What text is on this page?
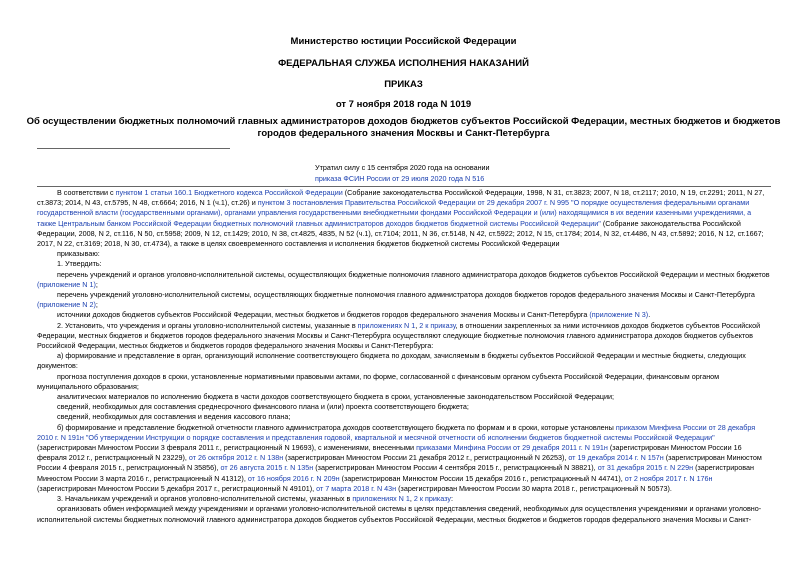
Министерство юстиции Российской Федерации
ФЕДЕРАЛЬНАЯ СЛУЖБА ИСПОЛНЕНИЯ НАКАЗАНИЙ
ПРИКАЗ
от 7 ноября 2018 года N 1019
Об осуществлении бюджетных полномочий главных администраторов доходов бюджетов субъектов Российской Федерации, местных бюджетов и бюджетов
городов федерального значения Москвы и Санкт-Петербурга
Утратил силу с 15 сентября 2020 года на основании
приказа ФСИН России от 29 июля 2020 года N 516

В соответствии с пунктом 1 статьи 160.1 Бюджетного кодекса Российской Федерации (Собрание законодательства Российской Федерации, 1998, N 31, ст.3823; 2007, N 18, ст.2117; 2010, N 19, ст.2291; 2011, N 27, ст.3873; 2014, N 43, ст.5795, N 48, ст.6664; 2016, N 1 (ч.1), ст.26) и пунктом 3 постановления Правительства Российской Федерации от 29 декабря 2007 г. N 995 "О порядке осуществления федеральными органами государственной власти (государственными органами), органами управления государственными внебюджетными фондами Российской Федерации и (или) находящимися в их ведении казенными учреждениями, а также Центральным банком Российской Федерации бюджетных полномочий главных администраторов доходов бюджетов бюджетной системы Российской Федерации" (Собрание законодательства Российской Федерации, 2008, N 2, ст.116, N 50, ст.5958; 2009, N 12, ст.1429; 2010, N 38, ст.4825, 4835, N 52 (ч.1), ст.7104; 2011, N 36, ст.5148, N 42, ст.5922; 2012, N 15, ст.1784; 2014, N 32, ст.4486, N 43, ст.5892; 2016, N 12, ст.1667; 2017, N 22, ст.3169; 2018, N 30, ст.4734), а также в целях своевременного составления и исполнения бюджетов бюджетной системы Российской Федерации

приказываю:

1. Утвердить:

перечень учреждений и органов уголовно-исполнительной системы, осуществляющих бюджетные полномочия главного администратора доходов бюджетов субъектов Российской Федерации и местных бюджетов (приложение N 1);

перечень учреждений уголовно-исполнительной системы, осуществляющих бюджетные полномочия главного администратора доходов бюджетов городов федерального значения Москвы и Санкт-Петербурга (приложение N 2);

источники доходов бюджетов субъектов Российской Федерации, местных бюджетов и бюджетов городов федерального значения Москвы и Санкт-Петербурга (приложение N 3).

2. Установить, что учреждения и органы уголовно-исполнительной системы, указанные в приложениях N 1, 2 к приказу, в отношении закрепленных за ними источников доходов бюджетов субъектов Российской Федерации, местных бюджетов и бюджетов городов федерального значения Москвы и Санкт-Петербурга осуществляют следующие бюджетные полномочия главного администратора доходов бюджетов субъектов Российской Федерации, местных бюджетов и бюджетов городов федерального значения Москвы и Санкт-Петербурга:

а) формирование и представление в орган, организующий исполнение соответствующего бюджета по доходам, зачисляемым в бюджеты субъектов Российской Федерации и местные бюджеты, следующих документов:

прогноза поступления доходов в сроки, установленные нормативными правовыми актами, по форме, согласованной с финансовым органом субъекта Российской Федерации, финансовым органом муниципального образования;

аналитических материалов по исполнению бюджета в части доходов соответствующего бюджета в сроки, установленные законодательством Российской Федерации;

сведений, необходимых для составления среднесрочного финансового плана и (или) проекта соответствующего бюджета;

сведений, необходимых для составления и ведения кассового плана;

б) формирование и представление бюджетной отчетности главного администратора доходов соответствующего бюджета по формам и в сроки, которые установлены приказом Минфина России от 28 декабря 2010 г. N 191н "Об утверждении Инструкции о порядке составления и представления годовой, квартальной и месячной отчетности об исполнении бюджетов бюджетной системы Российской Федерации" (зарегистрирован Минюстом России 3 февраля 2011 г., регистрационный N 19693), с изменениями, внесенными приказами Минфина России от 29 декабря 2011 г. N 191н (зарегистрирован Минюстом России 16 февраля 2012 г., регистрационный N 23229), от 26 октября 2012 г. N 138н (зарегистрирован Минюстом России 21 декабря 2012 г., регистрационный N 26253), от 19 декабря 2014 г. N 157н (зарегистрирован Минюстом России 4 февраля 2015 г., регистрационный N 35856), от 26 августа 2015 г. N 135н (зарегистрирован Минюстом России 4 сентября 2015 г., регистрационный N 38821), от 31 декабря 2015 г. N 229н (зарегистрирован Минюстом России 3 марта 2016 г., регистрационный N 41312), от 16 ноября 2016 г. N 209н (зарегистрирован Минюстом России 15 декабря 2016 г., регистрационный N 44741), от 2 ноября 2017 г. N 176н (зарегистрирован Минюстом России 5 декабря 2017 г., регистрационный N 49101), от 7 марта 2018 г. N 43н (зарегистрирован Минюстом России 30 марта 2018 г., регистрационный N 50573).

3. Начальникам учреждений и органов уголовно-исполнительной системы, указанных в приложениях N 1, 2 к приказу:

организовать обмен информацией между учреждениями и органами уголовно-исполнительной системы в целях представления сведений, необходимых для осуществления учреждениями и органами уголовно-исполнительной системы бюджетных полномочий главного администратора доходов бюджетов субъектов Российской Федерации, местных бюджетов и бюджетов городов федерального значения Москвы и Санкт-
